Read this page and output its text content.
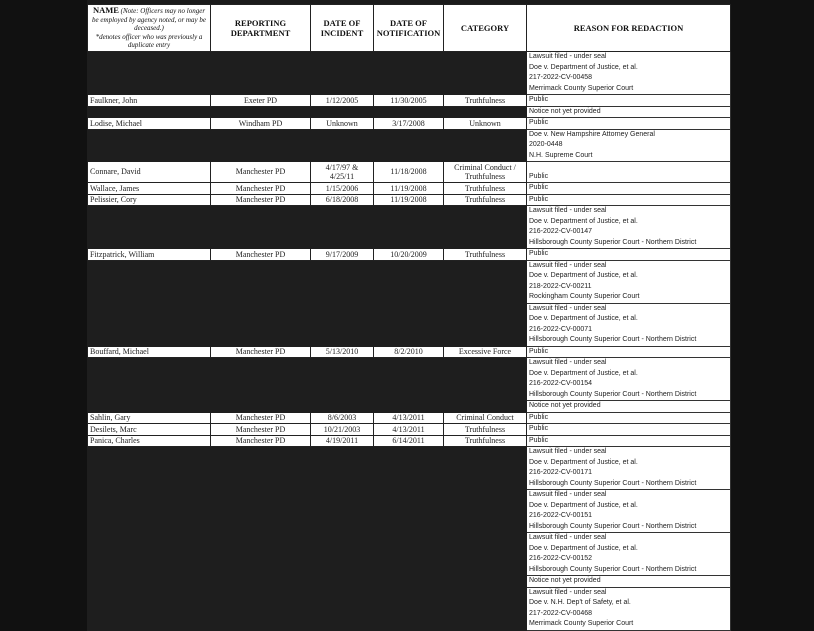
NAME (Note: Officers may no longer be employed by agency noted, or may be deceased.)
*denotes officer who was previously a duplicate entry	REPORTING DEPARTMENT	DATE OF INCIDENT	DATE OF NOTIFICATION	CATEGORY	REASON FOR REDACTION

					Lawsuit filed - under seal
Doe v. Department of Justice, et al.
217-2022-CV-00458
Merrimack County Superior Court

Faulkner, John	Exeter PD	1/12/2005	11/30/2005	Truthfulness	Public

					Notice not yet provided

Lodise, Michael	Windham PD	Unknown	3/17/2008	Unknown	Public

					Doe v. New Hampshire Attorney General
2020-0448
N.H. Supreme Court

Connare, David	Manchester PD	4/17/97 & 4/25/11	11/18/2008	Criminal Conduct / Truthfulness	Public

Wallace, James	Manchester PD	1/15/2006	11/19/2008	Truthfulness	Public

Pelissier, Cory	Manchester PD	6/18/2008	11/19/2008	Truthfulness	Public

					Lawsuit filed - under seal
Doe v. Department of Justice, et al.
216-2022-CV-00147
Hillsborough County Superior Court - Northern District

Fitzpatrick, William	Manchester PD	9/17/2009	10/20/2009	Truthfulness	Public

					Lawsuit filed - under seal
Doe v. Department of Justice, et al.
218-2022-CV-00211
Rockingham County Superior Court

					Lawsuit filed - under seal
Doe v. Department of Justice, et al.
216-2022-CV-00071
Hillsborough County Superior Court - Northern District

Bouffard, Michael	Manchester PD	5/13/2010	8/2/2010	Excessive Force	Public

					Lawsuit filed - under seal
Doe v. Department of Justice, et al.
216-2022-CV-00154
Hillsborough County Superior Court - Northern District

					Notice not yet provided

Sahlin, Gary	Manchester PD	8/6/2003	4/13/2011	Criminal Conduct	Public

Desilets, Marc	Manchester PD	10/21/2003	4/13/2011	Truthfulness	Public

Panica, Charles	Manchester PD	4/19/2011	6/14/2011	Truthfulness	Public

					Lawsuit filed - under seal
Doe v. Department of Justice, et al.
216-2022-CV-00171
Hillsborough County Superior Court - Northern District

					Lawsuit filed - under seal
Doe v. Department of Justice, et al.
216-2022-CV-00151
Hillsborough County Superior Court - Northern District

					Lawsuit filed - under seal
Doe v. Department of Justice, et al.
216-2022-CV-00152
Hillsborough County Superior Court - Northern District

					Notice not yet provided

					Lawsuit filed - under seal
Doe v. N.H. Dep't of Safety, et al.
217-2022-CV-00468
Merrimack County Superior Court
